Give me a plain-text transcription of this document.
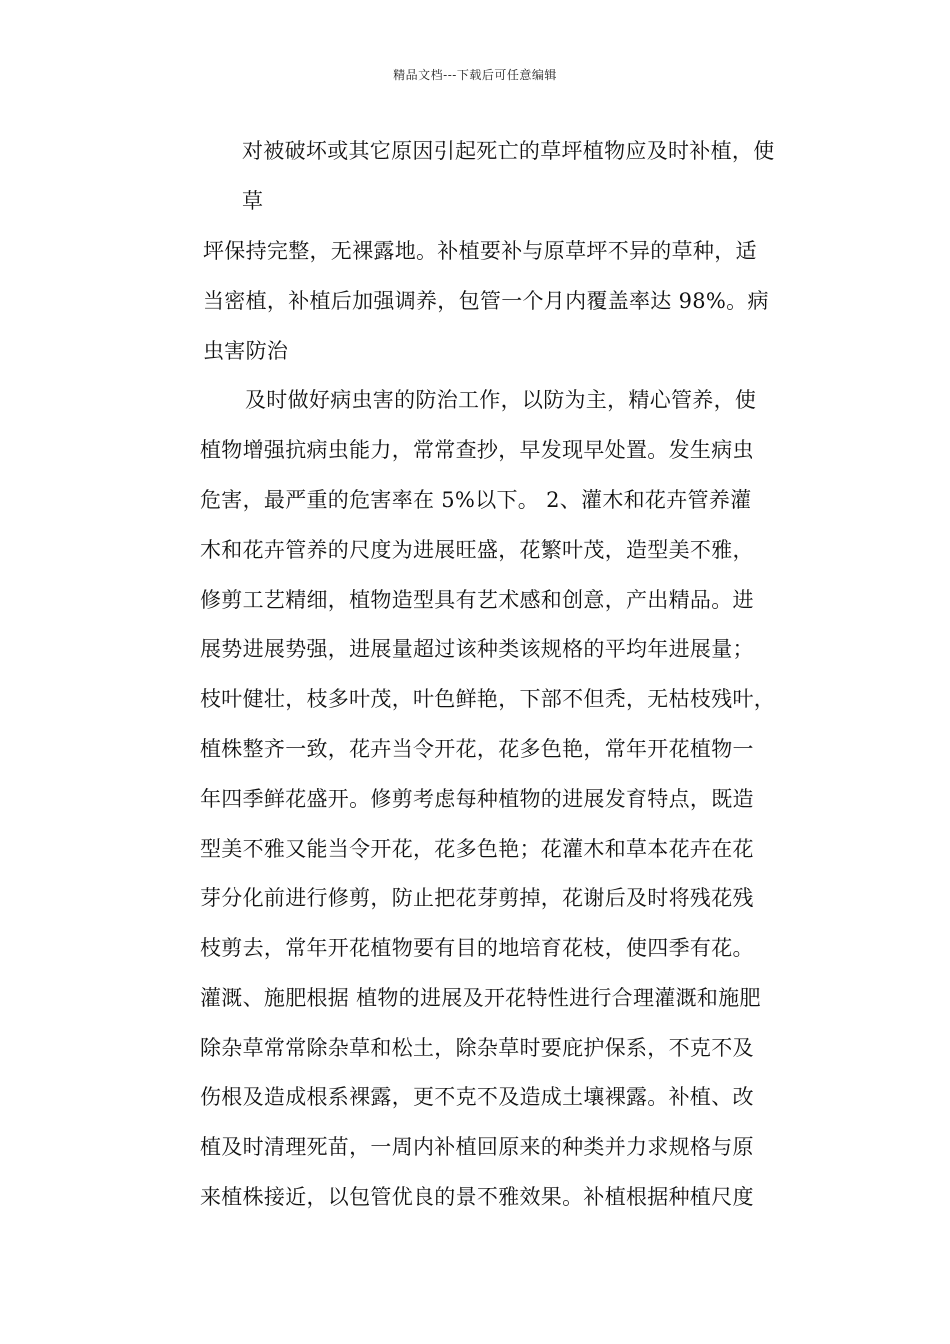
精品文档---下载后可任意编辑
对被破坏或其它原因引起死亡的草坪植物应及时补植，使
草
坪保持完整，无裸露地。补植要补与原草坪不异的草种，适
当密植，补植后加强调养，包管一个月内覆盖率达 98%。病
虫害防治
及时做好病虫害的防治工作，以防为主，精心管养，使
植物增强抗病虫能力，常常查抄，早发现早处置。发生病虫
危害，最严重的危害率在 5%以下。 2、灌木和花卉管养灌
木和花卉管养的尺度为进展旺盛，花繁叶茂，造型美不雅，
修剪工艺精细，植物造型具有艺术感和创意，产出精品。进
展势进展势强，进展量超过该种类该规格的平均年进展量；
枝叶健壮，枝多叶茂，叶色鲜艳，下部不但秃，无枯枝残叶，
植株整齐一致，花卉当令开花，花多色艳，常年开花植物一
年四季鲜花盛开。修剪考虑每种植物的进展发育特点，既造
型美不雅又能当令开花，花多色艳；花灌木和草本花卉在花
芽分化前进行修剪，防止把花芽剪掉，花谢后及时将残花残
枝剪去，常年开花植物要有目的地培育花枝，使四季有花。
灌溉、施肥根据 植物的进展及开花特性进行合理灌溉和施肥
除杂草常常除杂草和松土，除杂草时要庇护保系，不克不及
伤根及造成根系裸露，更不克不及造成土壤裸露。补植、改
植及时清理死苗，一周内补植回原来的种类并力求规格与原
来植株接近，以包管优良的景不雅效果。补植根据种植尺度
